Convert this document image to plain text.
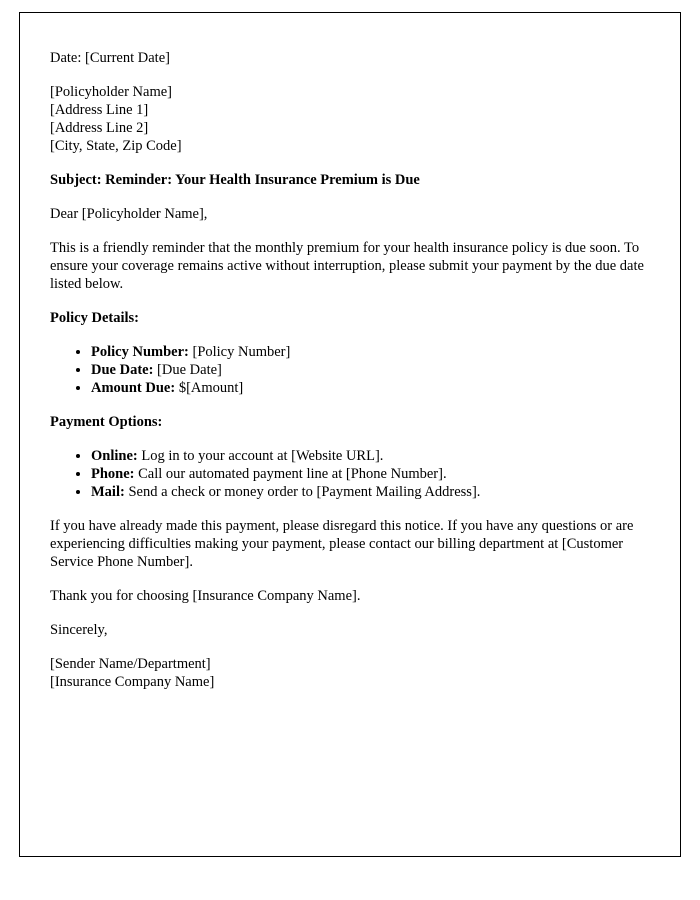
Date: [Current Date]

[Policyholder Name]
[Address Line 1]
[Address Line 2]
[City, State, Zip Code]

Subject: Reminder: Your Health Insurance Premium is Due

Dear [Policyholder Name],

This is a friendly reminder that the monthly premium for your health insurance policy is due soon. To ensure your coverage remains active without interruption, please submit your payment by the due date listed below.

Policy Details:

• Policy Number: [Policy Number]
• Due Date: [Due Date]
• Amount Due: $[Amount]

Payment Options:

• Online: Log in to your account at [Website URL].
• Phone: Call our automated payment line at [Phone Number].
• Mail: Send a check or money order to [Payment Mailing Address].

If you have already made this payment, please disregard this notice. If you have any questions or are experiencing difficulties making your payment, please contact our billing department at [Customer Service Phone Number].

Thank you for choosing [Insurance Company Name].

Sincerely,

[Sender Name/Department]
[Insurance Company Name]
